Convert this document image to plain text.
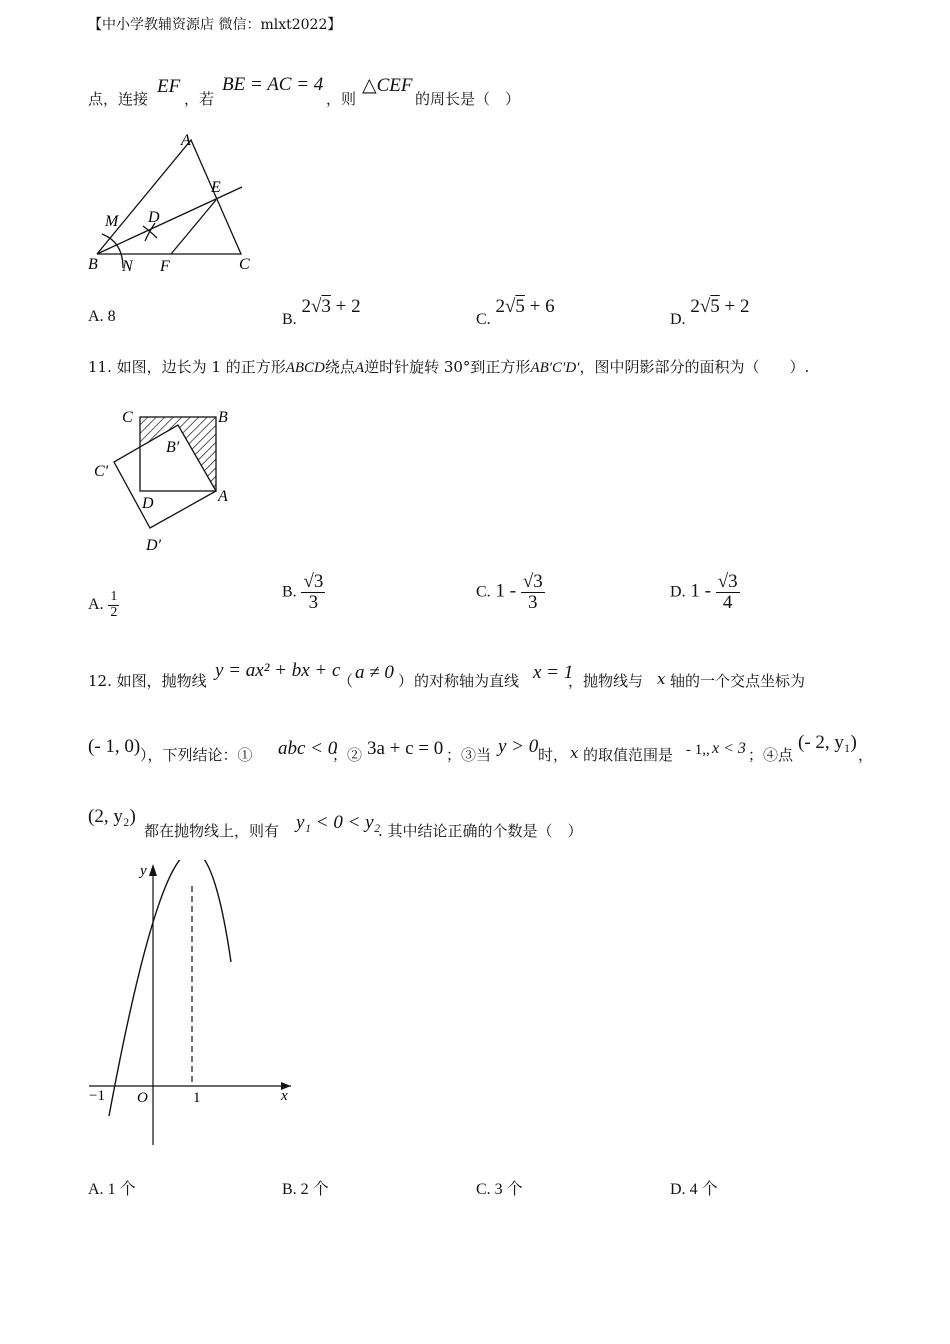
【中小学教辅资源店 微信：mlxt2022】
点，连接
EF
，若
BE = AC = 4
，则
△CEF
的周长是（　）
A
E
M D
B N F	C
A. 8	B. 2√3 + 2
C. 2√5 + 6
D. 2√5 + 2
11. 如图，边长为 1 的正方形ABCD绕点A逆时针旋转 30°到正方形AB′C′D′，图中阴影部分的面积为（　　）.
C	B
B′
C′
D	A
D′
A. $\frac{1}{2}$	B. $\frac{√3}{3}$	C. $1 - \frac{√3}{3}$	D. $1 - \frac{√3}{4}$
12. 如图，抛物线 y = ax² + bx + c
（ a ≠ 0 ） 的对称轴为直线 x = 1
，抛物线与 x 轴的一个交点坐标为
(- 1, 0) ），下列结论：① abc < 0
；② 3a + c = 0 ；③当 y > 0 时， x 的取值范围是 - 1,, x < 3 ；④点
(- 2, y₁)
，
(2, y₂)
都在抛物线上，则有 y₁ < 0 < y₂
. 其中结论正确的个数是（　）
y
x
O
−1	1
A. 1 个	B. 2 个	C. 3 个	D. 4 个
